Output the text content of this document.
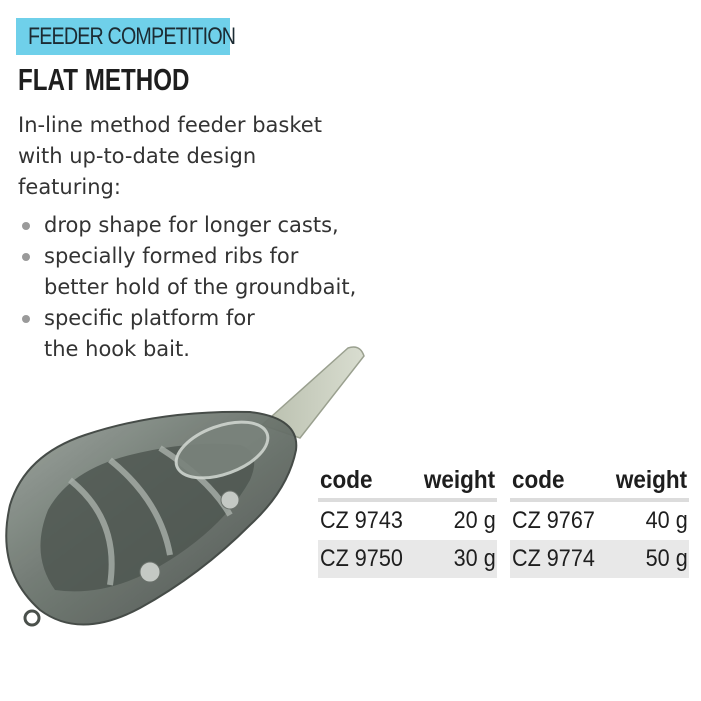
FEEDER COMPETITION
FLAT METHOD
In-line method feeder basket
with up-to-date design
featuring:
drop shape for longer casts,
specially formed ribs for
better hold of the groundbait,
specific platform for
the hook bait.
code	weight
CZ 9743	20 g
CZ 9750	30 g
code	weight
CZ 9767	40 g
CZ 9774	50 g
